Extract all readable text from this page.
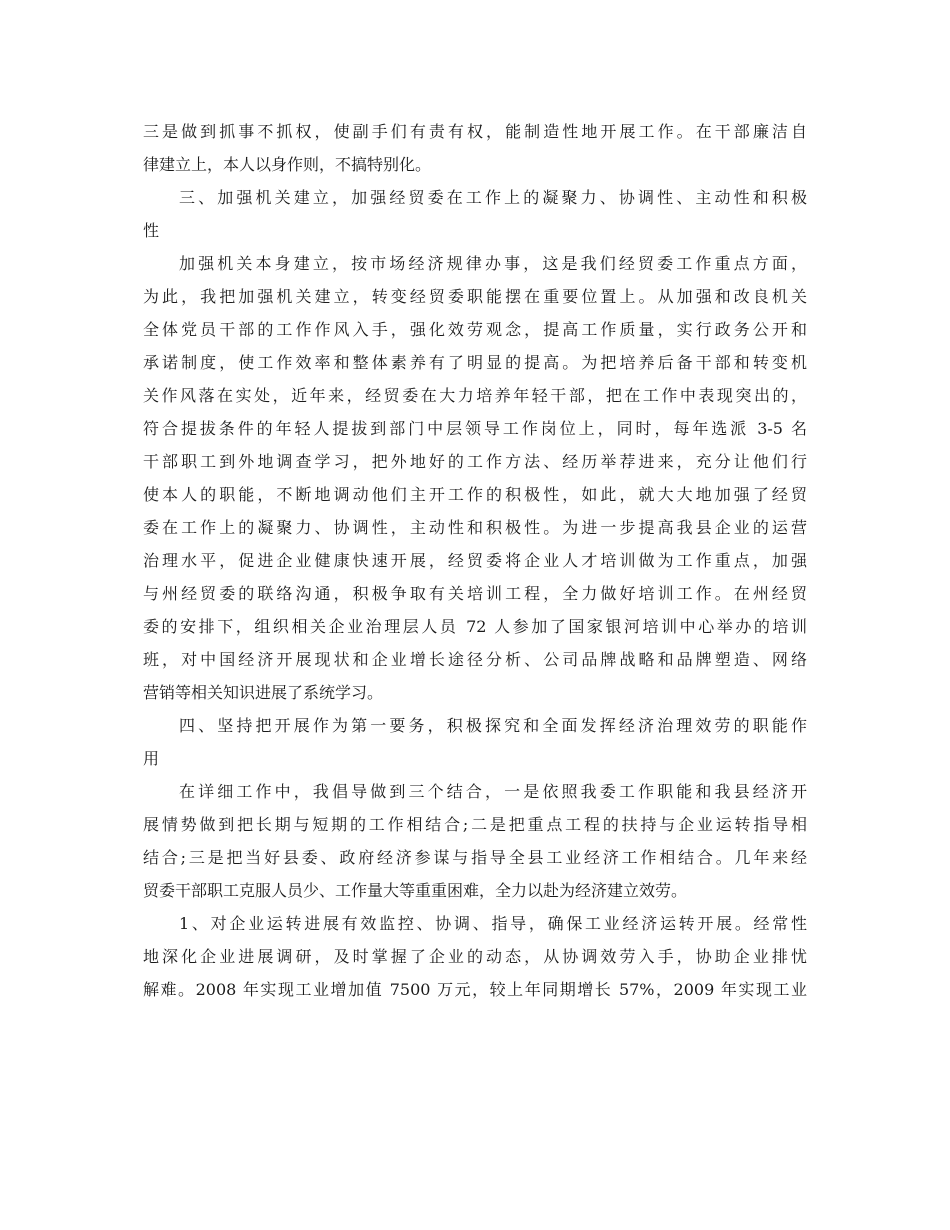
三是做到抓事不抓权，使副手们有责有权，能制造性地开展工作。在干部廉洁自
律建立上，本人以身作则，不搞特别化。
三、加强机关建立，加强经贸委在工作上的凝聚力、协调性、主动性和积极
性
加强机关本身建立，按市场经济规律办事，这是我们经贸委工作重点方面，
为此，我把加强机关建立，转变经贸委职能摆在重要位置上。从加强和改良机关
全体党员干部的工作作风入手，强化效劳观念，提高工作质量，实行政务公开和
承诺制度，使工作效率和整体素养有了明显的提高。为把培养后备干部和转变机
关作风落在实处，近年来，经贸委在大力培养年轻干部，把在工作中表现突出的，
符合提拔条件的年轻人提拔到部门中层领导工作岗位上，同时，每年选派 3-5 名
干部职工到外地调查学习，把外地好的工作方法、经历举荐进来，充分让他们行
使本人的职能，不断地调动他们主开工作的积极性，如此，就大大地加强了经贸
委在工作上的凝聚力、协调性，主动性和积极性。为进一步提高我县企业的运营
治理水平，促进企业健康快速开展，经贸委将企业人才培训做为工作重点，加强
与州经贸委的联络沟通，积极争取有关培训工程，全力做好培训工作。在州经贸
委的安排下，组织相关企业治理层人员 72 人参加了国家银河培训中心举办的培训
班，对中国经济开展现状和企业增长途径分析、公司品牌战略和品牌塑造、网络
营销等相关知识进展了系统学习。
四、坚持把开展作为第一要务，积极探究和全面发挥经济治理效劳的职能作
用
在详细工作中，我倡导做到三个结合，一是依照我委工作职能和我县经济开
展情势做到把长期与短期的工作相结合;二是把重点工程的扶持与企业运转指导相
结合;三是把当好县委、政府经济参谋与指导全县工业经济工作相结合。几年来经
贸委干部职工克服人员少、工作量大等重重困难，全力以赴为经济建立效劳。
1、对企业运转进展有效监控、协调、指导，确保工业经济运转开展。经常性
地深化企业进展调研，及时掌握了企业的动态，从协调效劳入手，协助企业排忧
解难。2008 年实现工业增加值 7500 万元，较上年同期增长 57%，2009 年实现工业
